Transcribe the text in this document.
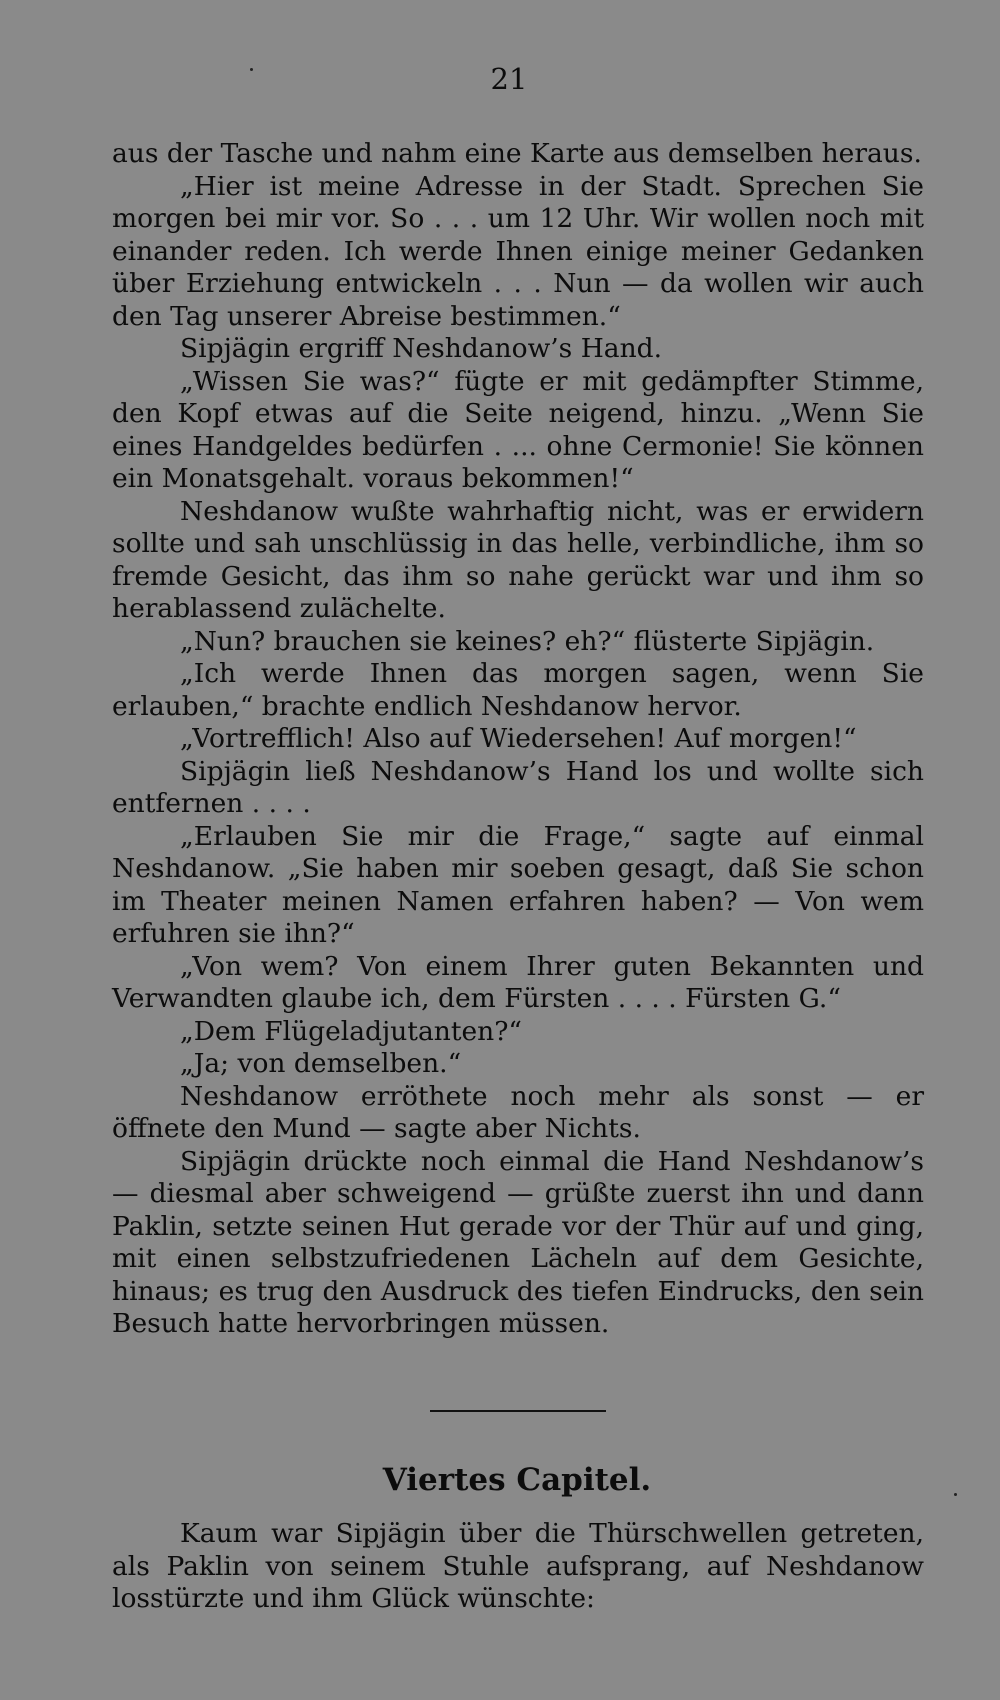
21

aus der Tasche und nahm eine Karte aus demselben heraus.

„Hier ist meine Adresse in der Stadt. Sprechen Sie morgen bei mir vor. So . . . um 12 Uhr. Wir wollen noch mit einander reden. Ich werde Ihnen einige meiner Gedanken über Erziehung entwickeln . . . Nun — da wollen wir auch den Tag unserer Abreise bestimmen.“

Sipjägin ergriff Neshdanow’s Hand.

„Wissen Sie was?“ fügte er mit gedämpfter Stimme, den Kopf etwas auf die Seite neigend, hinzu. „Wenn Sie eines Handgeldes bedürfen . ... ohne Cermonie! Sie können ein Monatsgehalt. voraus bekommen!“

Neshdanow wußte wahrhaftig nicht, was er erwidern sollte und sah unschlüssig in das helle, verbindliche, ihm so fremde Gesicht, das ihm so nahe gerückt war und ihm so herablassend zulächelte.

„Nun? brauchen sie keines? eh?“ flüsterte Sipjägin.

„Ich werde Ihnen das morgen sagen, wenn Sie erlauben,“ brachte endlich Neshdanow hervor.

„Vortrefflich! Also auf Wiedersehen! Auf morgen!“

Sipjägin ließ Neshdanow’s Hand los und wollte sich entfernen . . . .

„Erlauben Sie mir die Frage,“ sagte auf einmal Neshdanow. „Sie haben mir soeben gesagt, daß Sie schon im Theater meinen Namen erfahren haben? — Von wem erfuhren sie ihn?“

„Von wem? Von einem Ihrer guten Bekannten und Verwandten glaube ich, dem Fürsten . . . . Fürsten G.“

„Dem Flügeladjutanten?“

„Ja; von demselben.“

Neshdanow erröthete noch mehr als sonst — er öffnete den Mund — sagte aber Nichts.

Sipjägin drückte noch einmal die Hand Neshdanow’s — diesmal aber schweigend — grüßte zuerst ihn und dann Paklin, setzte seinen Hut gerade vor der Thür auf und ging, mit einen selbstzufriedenen Lächeln auf dem Gesichte, hinaus; es trug den Ausdruck des tiefen Eindrucks, den sein Besuch hatte hervorbringen müssen.

Viertes Capitel.

Kaum war Sipjägin über die Thürschwellen getreten, als Paklin von seinem Stuhle aufsprang, auf Neshdanow losstürzte und ihm Glück wünschte:
